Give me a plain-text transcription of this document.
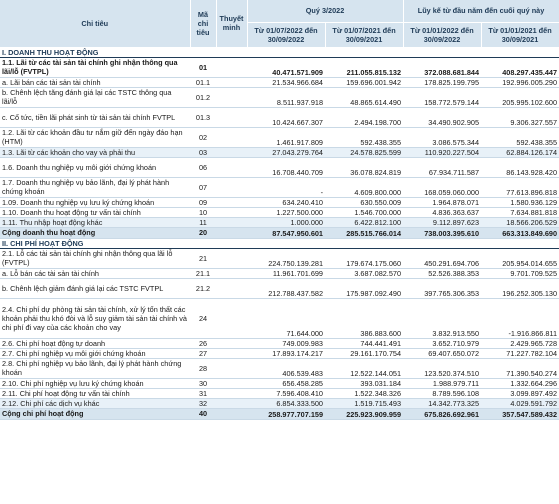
Chỉ tiêu	Mã chỉ tiêu	Thuyết minh	Quý 3/2022		Lũy kế từ đầu năm đến cuối quý này	
			Từ 01/07/2022 đến 30/09/2022	Từ 01/07/2021 đến 30/09/2021	Từ 01/01/2022 đến 30/09/2022	Từ 01/01/2021 đến 30/09/2021
I. DOANH THU HOẠT ĐỘNG						
1.1. Lãi từ các tài sản tài chính ghi nhận thông qua lãi/lỗ (FVTPL)	01		40.471.571.909	211.055.815.132	372.088.681.844	408.297.435.447
a. Lãi bán các tài sản tài chính	01.1		21.534.966.684	159.696.001.942	178.825.199.795	192.996.005.290
b. Chênh lệch tăng đánh giá lại các TSTC thông qua lãi/lỗ	01.2		8.511.937.918	48.865.614.490	158.772.579.144	205.995.102.600
c. Cổ tức, tiền lãi phát sinh từ tài sản tài chính FVTPL	01.3		10.424.667.307	2.494.198.700	34.490.902.905	9.306.327.557
1.2. Lãi từ các khoản đầu tư nắm giữ đến ngày đáo hạn (HTM)	02		1.461.917.809	592.438.355	3.086.575.344	592.438.355
1.3. Lãi từ các khoản cho vay và phải thu	03		27.043.279.764	24.578.825.599	110.920.227.504	62.884.126.174
1.6. Doanh thu nghiệp vụ môi giới chứng khoán	06		16.708.440.709	36.078.824.819	67.934.711.587	86.143.928.420
1.7. Doanh thu nghiệp vụ bảo lãnh, đại lý phát hành chứng khoán	07		-	4.609.800.000	168.059.060.000	77.613.896.818
1.09. Doanh thu nghiệp vụ lưu ký chứng khoán	09		634.240.410	630.550.009	1.964.878.071	1.580.936.129
1.10. Doanh thu hoạt động tư vấn tài chính	10		1.227.500.000	1.546.700.000	4.836.363.637	7.634.881.818
1.11. Thu nhập hoạt động khác	11		1.000.000	6.422.812.100	9.112.897.623	18.566.206.529
Cộng doanh thu hoạt động	20		87.547.950.601	285.515.766.014	738.003.395.610	663.313.849.690
II. CHI PHÍ HOẠT ĐỘNG						
2.1. Lỗ các tài sản tài chính ghi nhận thông qua lãi lỗ (FVTPL)	21		224.750.139.281	179.674.175.060	450.291.694.706	205.954.014.655
a. Lỗ bán các tài sản tài chính	21.1		11.961.701.699	3.687.082.570	52.526.388.353	9.701.709.525
b. Chênh lệch giảm đánh giá lại các TSTC FVTPL	21.2		212.788.437.582	175.987.092.490	397.765.306.353	196.252.305.130
2.4. Chi phí dự phòng tài sản tài chính, xử lý tổn thất các khoản phải thu khó đòi và lỗ suy giảm tài sản tài chính và chi phí đi vay của các khoản cho vay	24		71.644.000	386.883.600	3.832.913.550	-1.916.866.811
2.6. Chi phí hoạt động tự doanh	26		749.009.983	744.441.491	3.652.710.979	2.429.965.728
2.7. Chi phí nghiệp vụ môi giới chứng khoán	27		17.893.174.217	29.161.170.754	69.407.650.072	71.227.782.104
2.8. Chi phí nghiệp vụ bảo lãnh, đại lý phát hành chứng khoán	28		406.539.483	12.522.144.051	123.520.374.510	71.390.540.274
2.10. Chi phí nghiệp vụ lưu ký chứng khoán	30		656.458.285	393.031.184	1.988.979.711	1.332.664.296
2.11. Chi phí hoạt động tư vấn tài chính	31		7.596.408.410	1.522.348.326	8.789.596.108	3.099.897.492
2.12. Chi phí các dịch vụ khác	32		6.854.333.500	1.519.715.493	14.342.773.325	4.029.591.792
Cộng chi phí hoạt động	40		258.977.707.159	225.923.909.959	675.826.692.961	357.547.589.432
